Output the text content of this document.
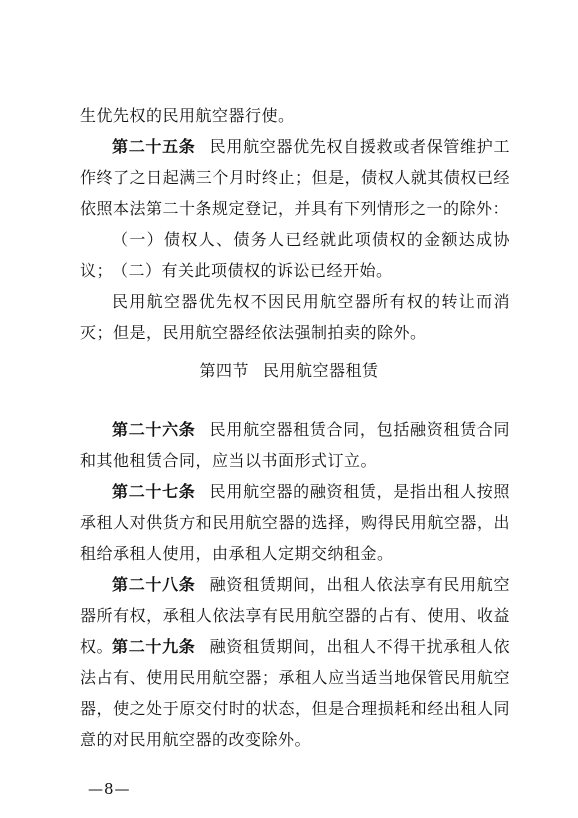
生优先权的民用航空器行使。

第二十五条 民用航空器优先权自援救或者保管维护工作终了之日起满三个月时终止；但是，债权人就其债权已经依照本法第二十条规定登记，并具有下列情形之一的除外：

（一）债权人、债务人已经就此项债权的金额达成协议；

（二）有关此项债权的诉讼已经开始。

民用航空器优先权不因民用航空器所有权的转让而消灭；但是，民用航空器经依法强制拍卖的除外。

第四节 民用航空器租赁

第二十六条 民用航空器租赁合同，包括融资租赁合同和其他租赁合同，应当以书面形式订立。

第二十七条 民用航空器的融资租赁，是指出租人按照承租人对供货方和民用航空器的选择，购得民用航空器，出租给承租人使用，由承租人定期交纳租金。

第二十八条 融资租赁期间，出租人依法享有民用航空器所有权，承租人依法享有民用航空器的占有、使用、收益权。

第二十九条 融资租赁期间，出租人不得干扰承租人依法占有、使用民用航空器；承租人应当适当地保管民用航空器，使之处于原交付时的状态，但是合理损耗和经出租人同意的对民用航空器的改变除外。

—8—
